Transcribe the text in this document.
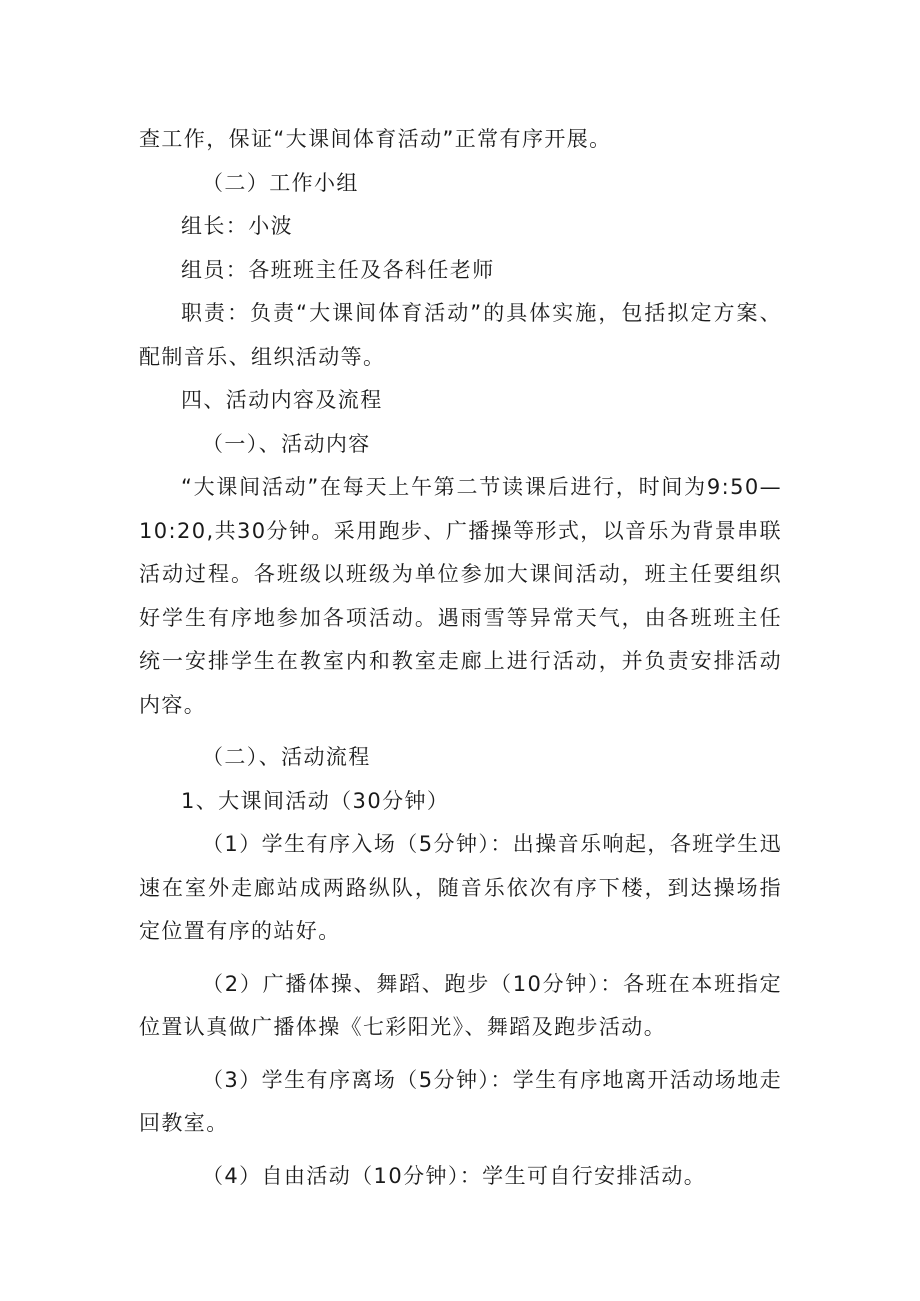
查工作，保证“大课间体育活动”正常有序开展。

（二）工作小组

组长：小波

组员：各班班主任及各科任老师

职责：负责“大课间体育活动”的具体实施，包括拟定方案、配制音乐、组织活动等。

四、活动内容及流程

（一）、活动内容

“大课间活动”在每天上午第二节读课后进行，时间为9:50—10:20,共30分钟。采用跑步、广播操等形式，以音乐为背景串联活动过程。各班级以班级为单位参加大课间活动，班主任要组织好学生有序地参加各项活动。遇雨雪等异常天气，由各班班主任统一安排学生在教室内和教室走廊上进行活动，并负责安排活动内容。

（二）、活动流程

1、大课间活动（30分钟）

（1）学生有序入场（5分钟）：出操音乐响起，各班学生迅速在室外走廊站成两路纵队，随音乐依次有序下楼，到达操场指定位置有序的站好。

（2）广播体操、舞蹈、跑步（10分钟）：各班在本班指定位置认真做广播体操《七彩阳光》、舞蹈及跑步活动。

（3）学生有序离场（5分钟）：学生有序地离开活动场地走回教室。

（4）自由活动（10分钟）：学生可自行安排活动。
